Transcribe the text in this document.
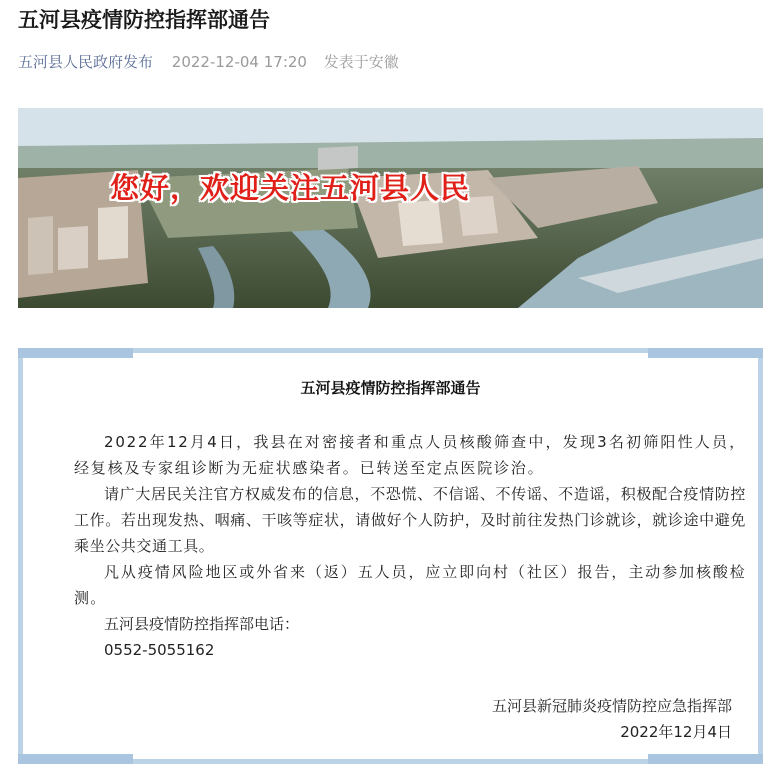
五河县疫情防控指挥部通告
五河县人民政府发布 2022-12-04 17:20 发表于安徽
您好，欢迎关注五河县人民
五河县疫情防控指挥部通告

2022年12月4日，我县在对密接者和重点人员核酸筛查中，发现3名初筛阳性人员，经复核及专家组诊断为无症状感染者。已转送至定点医院诊治。

请广大居民关注官方权威发布的信息，不恐慌、不信谣、不传谣、不造谣，积极配合疫情防控工作。若出现发热、咽痛、干咳等症状，请做好个人防护，及时前往发热门诊就诊，就诊途中避免乘坐公共交通工具。

凡从疫情风险地区或外省来（返）五人员，应立即向村（社区）报告，主动参加核酸检测。

五河县疫情防控指挥部电话：

0552-5055162

五河县新冠肺炎疫情防控应急指挥部
2022年12月4日
